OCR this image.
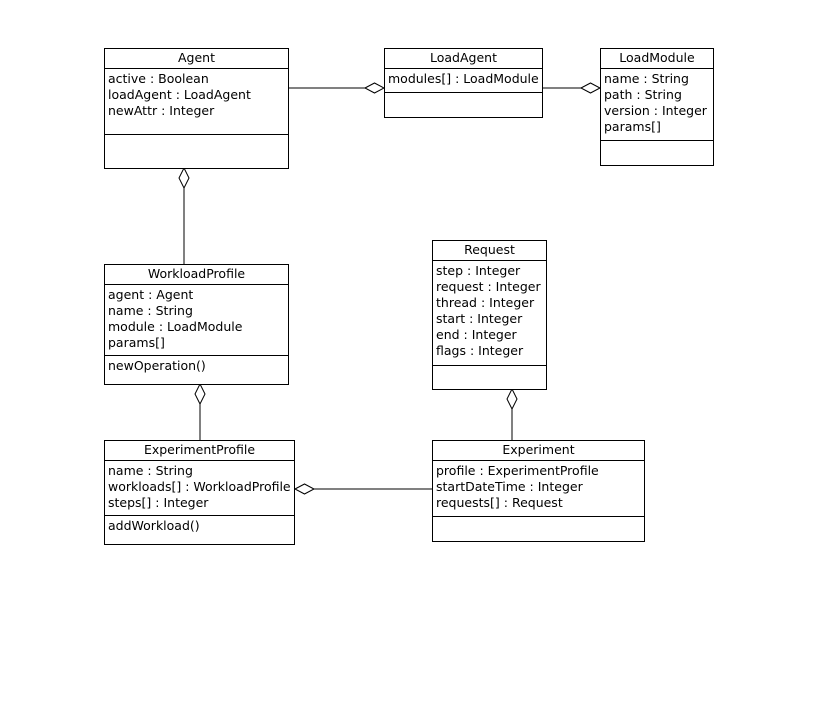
Agent
active : Boolean
loadAgent : LoadAgent
newAttr : Integer
LoadAgent
modules[] : LoadModule
LoadModule
name : String
path : String
version : Integer
params[]
WorkloadProfile
agent : Agent
name : String
module : LoadModule
params[]
newOperation()
Request
step : Integer
request : Integer
thread : Integer
start : Integer
end : Integer
flags : Integer
ExperimentProfile
name : String
workloads[] : WorkloadProfile
steps[] : Integer
addWorkload()
Experiment
profile : ExperimentProfile
startDateTime : Integer
requests[] : Request
